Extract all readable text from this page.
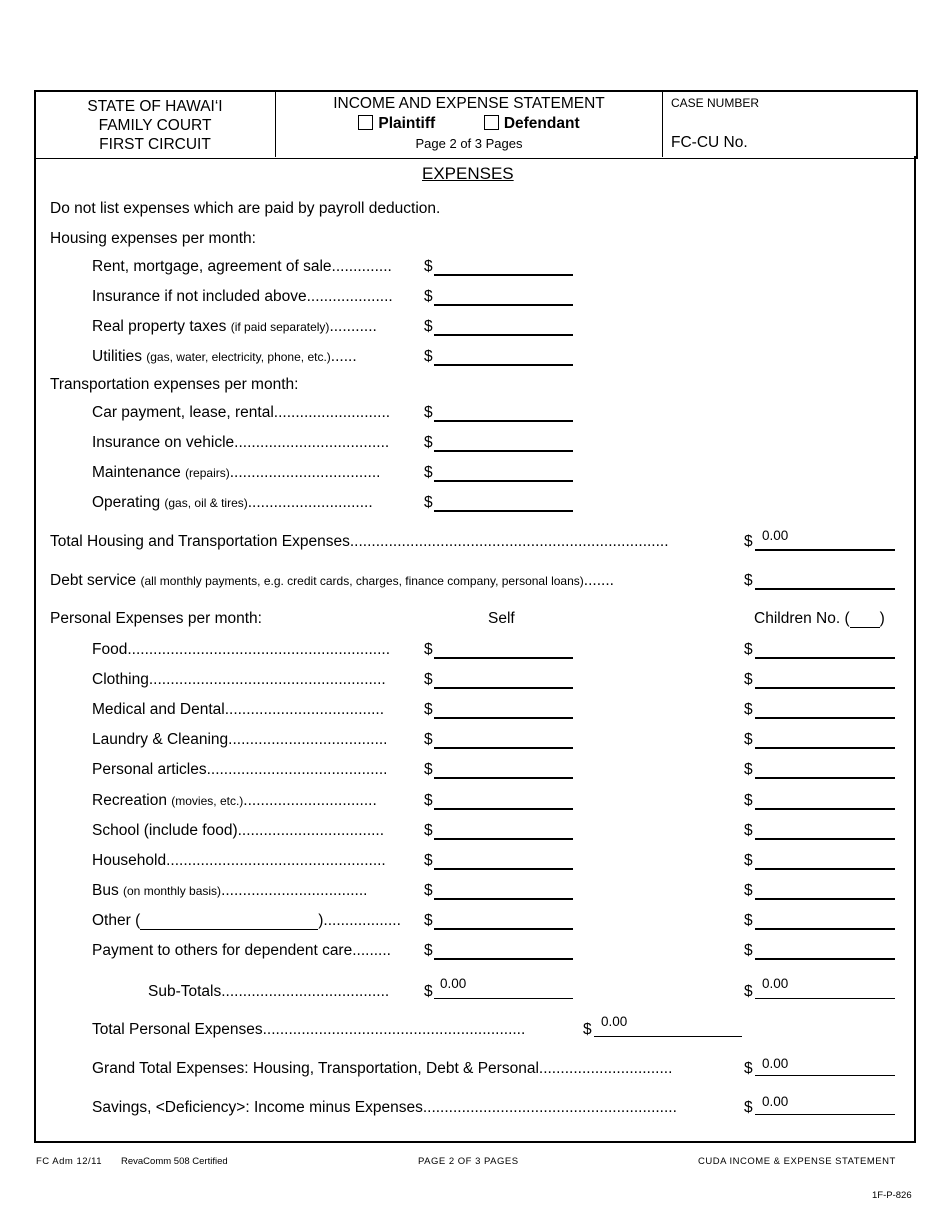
STATE OF HAWAI‘I
FAMILY COURT
FIRST CIRCUIT
INCOME AND EXPENSE STATEMENT
Plaintiff	Defendant
Page 2 of 3 Pages
CASE NUMBER
FC-CU No.
EXPENSES
Do not list expenses which are paid by payroll deduction.
Housing expenses per month:
Rent, mortgage, agreement of sale.............. $
Insurance if not included above.................... $
Real property taxes (if paid separately)...........	$
Utilities (gas, water, electricity, phone, etc.)......	$
Transportation expenses per month:
Car payment, lease, rental........................... $
Insurance on vehicle.................................... $
Maintenance (repairs)...................................	$
Operating (gas, oil & tires).............................	$
Total Housing and Transportation Expenses..........................................................................	$ 0.00
Debt service (all monthly payments, e.g. credit cards, charges, finance company, personal loans).......	$
Personal Expenses per month:	Self	Children No. ( )
Food............................................................. $	$
Clothing....................................................... $	$
Medical and Dental.....................................	$	$
Laundry & Cleaning..................................... $	$
Personal articles.......................................... $	$
Recreation (movies, etc.)...............................	$	$
School (include food)..................................	$	$
Household................................................... $	$
Bus (on monthly basis)..................................	$	$
Other (	).................. $	$
Payment to others for dependent care......... $	$
Sub-Totals....................................... $ 0.00	$ 0.00
Total Personal Expenses.............................................................	$ 0.00
Grand Total Expenses: Housing, Transportation, Debt & Personal...............................	$ 0.00
Savings, <Deficiency>: Income minus Expenses...........................................................	$ 0.00
FC Adm 12/11 RevaComm 508 Certified	PAGE 2 OF 3 PAGES	CUDA INCOME & EXPENSE STATEMENT
1F-P-826
